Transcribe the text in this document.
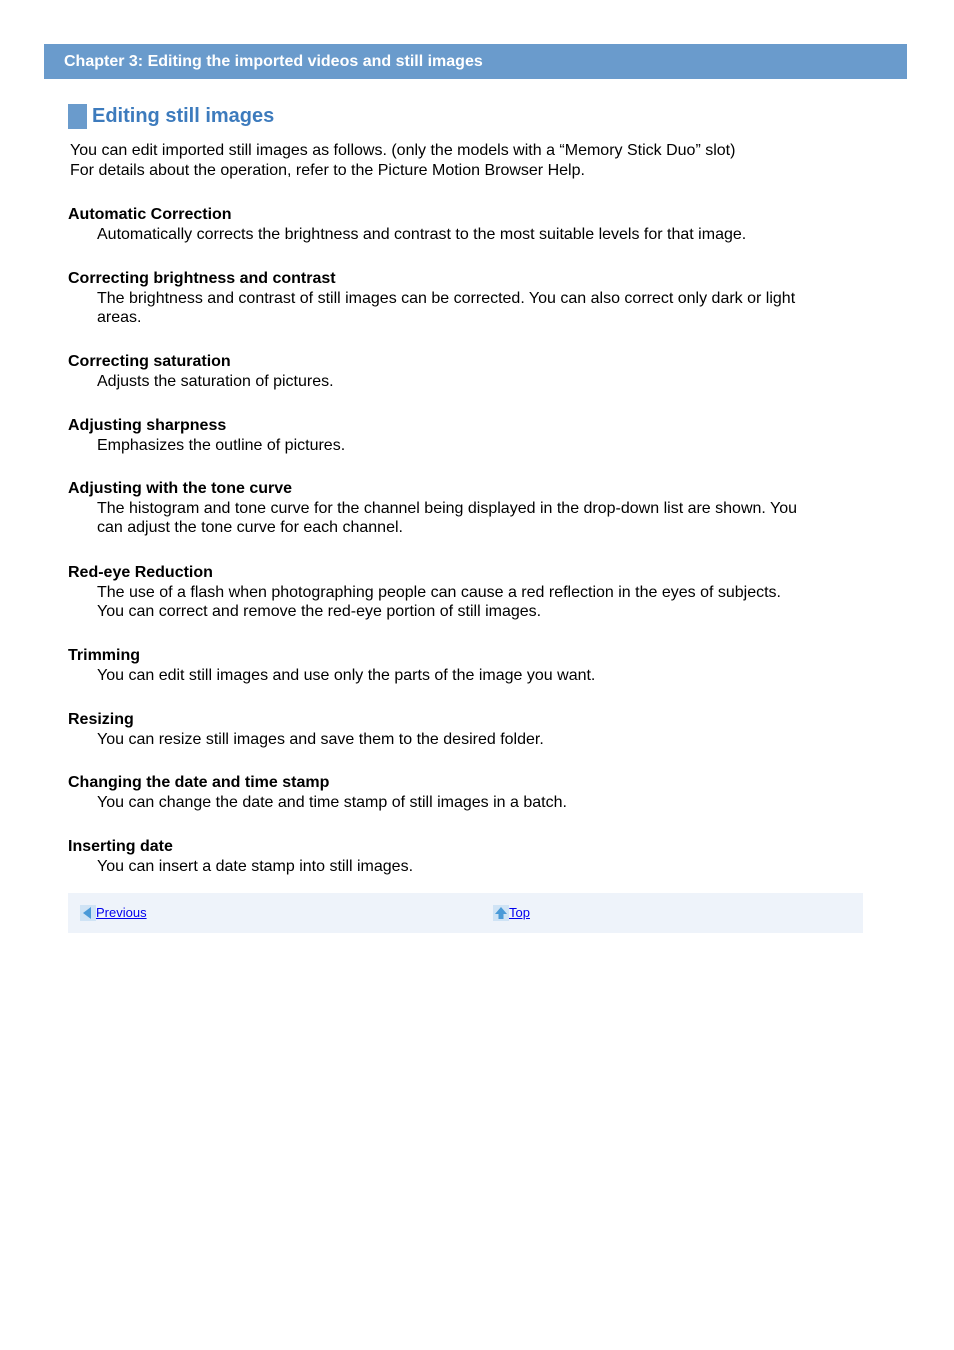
Chapter 3: Editing the imported videos and still images
Editing still images

You can edit imported still images as follows. (only the models with a “Memory Stick Duo” slot)

For details about the operation, refer to the Picture Motion Browser Help.

Automatic Correction
Automatically corrects the brightness and contrast to the most suitable levels for that image.
Correcting brightness and contrast
The brightness and contrast of still images can be corrected. You can also correct only dark or light
areas.
Correcting saturation
Adjusts the saturation of pictures.
Adjusting sharpness
Emphasizes the outline of pictures.
Adjusting with the tone curve
The histogram and tone curve for the channel being displayed in the drop-down list are shown. You
can adjust the tone curve for each channel.
Red-eye Reduction
The use of a flash when photographing people can cause a red reflection in the eyes of subjects.
You can correct and remove the red-eye portion of still images.
Trimming
You can edit still images and use only the parts of the image you want.
Resizing
You can resize still images and save them to the desired folder.
Changing the date and time stamp
You can change the date and time stamp of still images in a batch.
Inserting date
You can insert a date stamp into still images.
Previous	Top
